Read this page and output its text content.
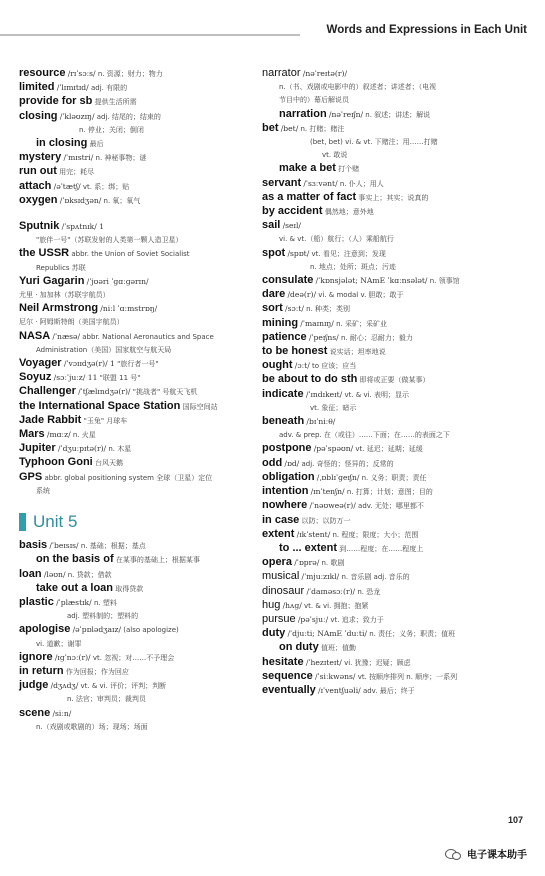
Words and Expressions in Each Unit
resource /rɪˈsɔːs/ n. 资源；财力；物力
limited /ˈlɪmɪtɪd/ adj. 有限的
provide for sb 提供生活所需
closing /ˈkləʊzɪŋ/ adj. 结尾的；结束的
n. 停业；关闭；倒闭
in closing 最后
mystery /ˈmɪstri/ n. 神秘事物；谜
run out 用完；耗尽
attach /əˈtætʃ/ vt. 系；绑；贴
oxygen /ˈɒksɪdʒən/ n. 氧；氧气
Sputnik /ˈspʌtnɪk/ 1
"旅伴一号"（苏联发射的人类第一颗人造卫星）
the USSR abbr. the Union of Soviet Socialist
Republics 苏联
Yuri Gagarin /ˈjʊəri ˈɡɑːɡərɪn/
尤里 · 加加林（苏联宇航员）
Neil Armstrong /niːl ˈɑːmstrɒŋ/
尼尔 · 阿姆斯特朗（美国宇航员）
NASA /ˈnæsə/ abbr. National Aeronautics and Space
Administration（美国）国家航空与航天局
Voyager /ˈvɔɪɪdʒə(r)/ 1 "旅行者一号"
Soyuz /sɔːˈjuːz/ 11 "联盟 11 号"
Challenger /ˈtʃælɪndʒə(r)/ "挑战者" 号航天飞机
the International Space Station 国际空间站
Jade Rabbit "玉兔" 月球车
Mars /mɑːz/ n. 火星
Jupiter /ˈdʒuːpɪtə(r)/ n. 木星
Typhoon Goni 台风天鹅
GPS abbr. global positioning system 全球（卫星）定位
系统
Unit 5
basis /ˈbeɪsɪs/ n. 基础；根据；基点
on the basis of 在某事的基础上；根据某事
loan /ləʊn/ n. 贷款；借款
take out a loan 取得贷款
plastic /ˈplæstɪk/ n. 塑料
adj. 塑料制的；塑料的
apologise /əˈpɒlədʒaɪz/ (also apologize)
vi. 道歉；谢罪
ignore /ɪɡˈnɔː(r)/ vt. 忽视；对……不予理会
in return 作为回报；作为回应
judge /dʒʌdʒ/ vt. & vi. 评价；评判；判断
n. 法官；审判员；裁判员
scene /siːn/
n.（戏剧或歌剧的）场；现场；场面
narrator /nəˈreɪtə(r)/
n.（书、戏剧或电影中的）叙述者；讲述者；（电视
节目中的）幕后解说员
narration /nəˈreɪʃn/ n. 叙述；讲述；解说
bet /bet/ n. 打赌；赌注
(bet, bet) vi. & vt. 下赌注；用……打赌
vt. 敢说
make a bet 打个赌
servant /ˈsɜːvənt/ n. 仆人；用人
as a matter of fact 事实上；其实；说真的
by accident 偶然地；意外地
sail /seɪl/
vi. & vt.（船）航行；（人）乘船航行
spot /spɒt/ vt. 看见；注意到；发现
n. 地点；处所；斑点；污迹
consulate /ˈkɒnsjələt; NAmE ˈkɑːnsələt/ n. 领事馆
dare /deə(r)/ vi. & modal v. 胆敢；敢于
sort /sɔːt/ n. 种类；类别
mining /ˈmaɪnɪŋ/ n. 采矿；采矿业
patience /ˈpeɪʃns/ n. 耐心；忍耐力；毅力
to be honest 说实话；坦率地说
ought /ɔːt/ to 应该；应当
be about to do sth 即将或正要（做某事）
indicate /ˈɪndɪkeɪt/ vt. & vi. 表明；显示
vt. 象征；暗示
beneath /bɪˈniːθ/
adv. & prep. 在（或往）……下面；在……的表面之下
postpone /pəˈspəʊn/ vt. 延迟；延期；延缓
odd /ɒd/ adj. 奇怪的；怪异的；反常的
obligation /ˌɒblɪˈɡeɪʃn/ n. 义务；职责；责任
intention /ɪnˈtenʃn/ n. 打算；计划；意图；目的
nowhere /ˈnəʊweə(r)/ adv. 无处；哪里都不
in case 以防；以防万一
extent /ɪkˈstent/ n. 程度；限度；大小；范围
to ... extent 到……程度；在……程度上
opera /ˈɒprə/ n. 歌剧
musical /ˈmjuːzɪkl/ n. 音乐剧 adj. 音乐的
dinosaur /ˈdaɪnəsɔː(r)/ n. 恐龙
hug /hʌɡ/ vt. & vi. 拥抱；抱紧
pursue /pəˈsjuː/ vt. 追求；致力于
duty /ˈdjuːti; NAmE ˈduːti/ n. 责任；义务；职责；值班
on duty 值班；值勤
hesitate /ˈhezɪteɪt/ vi. 犹豫；迟疑；顾虑
sequence /ˈsiːkwəns/ vt. 按顺序排列 n. 顺序；一系列
eventually /ɪˈventʃuəli/ adv. 最后；终于
107
电子课本助手
